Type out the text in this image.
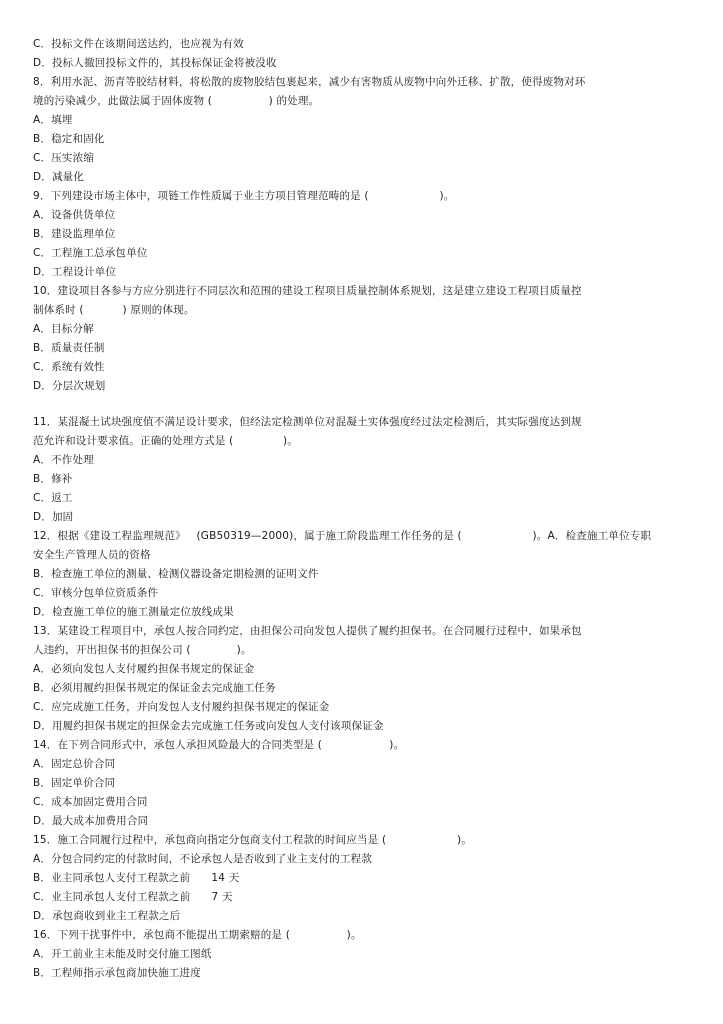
C．投标文件在该期间送达约，也应视为有效
D．投标人撤回投标文件的，其投标保证金将被没收
8．利用水泥、沥青等胶结材料，将松散的废物胶结包裹起来，减少有害物质从废物中向外迁移、扩散，使得废物对环
境的污染减少，此做法属于固体废物 (                ) 的处理。
A．填埋
B．稳定和固化
C．压实浓缩
D．减量化
9．下列建设市场主体中，项链工作性质属于业主方项目管理范畴的是 (                    )。
A．设备供货单位
B．建设监理单位
C．工程施工总承包单位
D．工程设计单位
10．建设项目各参与方应分别进行不同层次和范围的建设工程项目质量控制体系规划，这是建立建设工程项目质量控
制体系时 (           ) 原则的体现。
A．目标分解
B．质量责任制
C．系统有效性
D．分层次规划
11．某混凝土试块强度值不满足设计要求，但经法定检测单位对混凝土实体强度经过法定检测后，其实际强度达到规
范允许和设计要求值。正确的处理方式是 (              )。
A．不作处理
B．修补
C．返工
D．加固
12．根据《建设工程监理规范》   (GB50319—2000)，属于施工阶段监理工作任务的是 (                    )。A．检查施工单位专职
安全生产管理人员的资格
B．检查施工单位的测量、检测仪器设备定期检测的证明文件
C．审核分包单位资质条件
D．检查施工单位的施工测量定位放线成果
13．某建设工程项目中，承包人按合同约定，由担保公司向发包人提供了履约担保书。在合同履行过程中，如果承包
人违约，开出担保书的担保公司 (             )。
A．必须向发包人支付履约担保书规定的保证金
B．必须用履约担保书规定的保证金去完成施工任务
C．应完成施工任务，并向发包人支付履约担保书规定的保证金
D．用履约担保书规定的担保金去完成施工任务或向发包人支付该项保证金
14．在下列合同形式中，承包人承担风险最大的合同类型是 (                   )。
A．固定总价合同
B．固定单价合同
C．成本加固定费用合同
D．最大成本加费用合同
15．施工合同履行过程中，承包商向指定分包商支付工程款的时间应当是 (                    )。
A．分包合同约定的付款时间，不论承包人是否收到了业主支付的工程款
B．业主同承包人支付工程款之前      14 天
C．业主同承包人支付工程款之前      7 天
D．承包商收到业主工程款之后
16．下列干扰事件中，承包商不能提出工期索赔的是 (                )。
A．开工前业主未能及时交付施工图纸
B．工程师指示承包商加快施工进度
